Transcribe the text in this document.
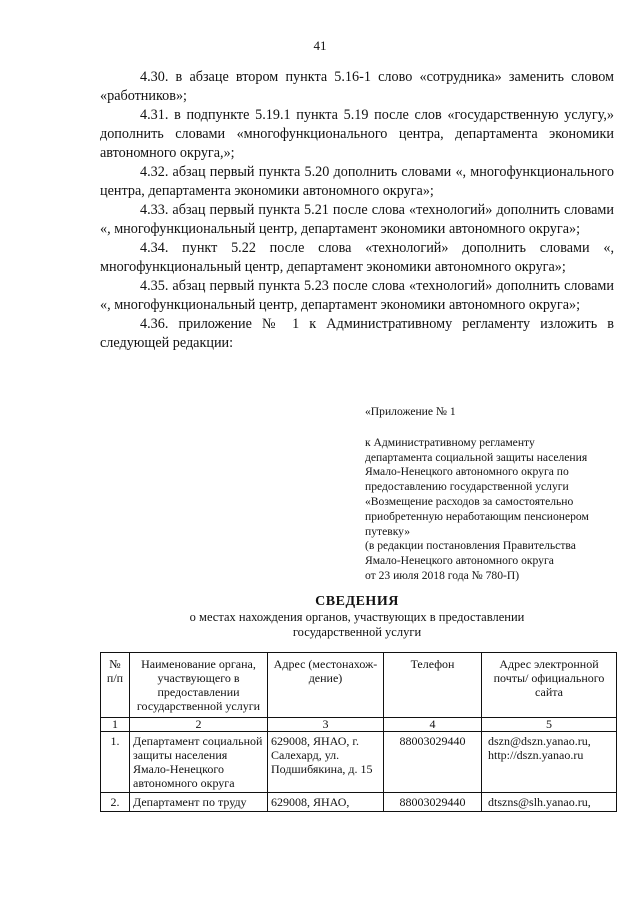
41

4.30. в абзаце втором пункта 5.16-1 слово «сотрудника» заменить словом «работников»;

4.31. в подпункте 5.19.1 пункта 5.19 после слов «государственную услугу,» дополнить словами «многофункционального центра, департамента экономики автономного округа,»;

4.32. абзац первый пункта 5.20 дополнить словами «, многофункционального центра, департамента экономики автономного округа»;

4.33. абзац первый пункта 5.21 после слова «технологий» дополнить словами «, многофункциональный центр, департамент экономики автономного округа»;

4.34. пункт 5.22 после слова «технологий» дополнить словами «, многофункциональный центр, департамент экономики автономного округа»;

4.35. абзац первый пункта 5.23 после слова «технологий» дополнить словами «, многофункциональный центр, департамент экономики автономного округа»;

4.36. приложение № 1 к Административному регламенту изложить в следующей редакции:

«Приложение № 1

к Административному регламенту

департамента социальной защиты населения

Ямало-Ненецкого автономного округа по

предоставлению государственной услуги

«Возмещение расходов за самостоятельно

приобретенную неработающим пенсионером

путевку»

(в редакции постановления Правительства

Ямало-Ненецкого автономного округа

от 23 июля 2018 года № 780-П)

СВЕДЕНИЯ
о местах нахождения органов, участвующих в предоставлении
государственной услуги
№ п/п	Наименование органа, участвующего в предоставлении государственной услуги	Адрес (местонахож-дение)	Телефон	Адрес электронной почты/ официального сайта
1	2	3	4	5
1.	Департамент социальной защиты населения Ямало-Ненецкого автономного округа	629008, ЯНАО, г. Салехард, ул. Подшибякина, д. 15	88003029440	dszn@dszn.yanao.ru, http://dszn.yanao.ru
2.	Департамент по труду	629008, ЯНАО,	88003029440	dtszns@slh.yanao.ru,
